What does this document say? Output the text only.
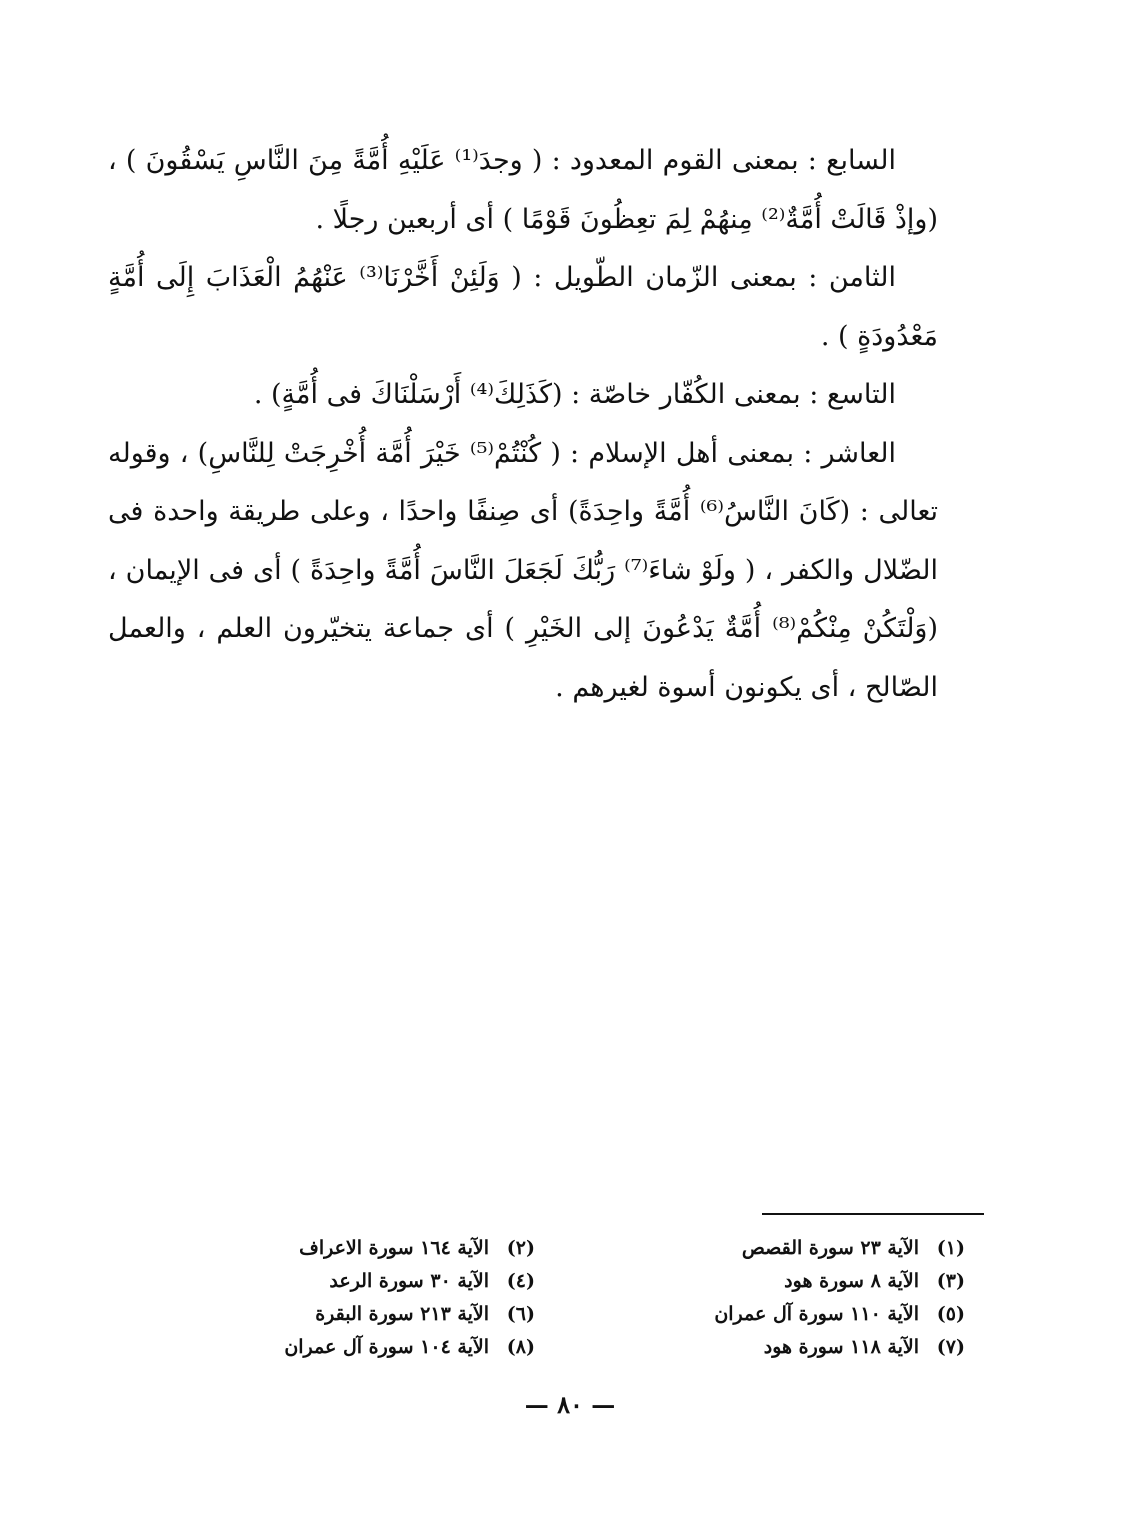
السابع : بمعنى القوم المعدود : ( وجدَ⁽¹⁾ عَلَيْهِ أُمَّةً مِنَ النَّاسِ يَسْقُونَ ) ، (وإذْ قَالَتْ أُمَّةٌ⁽²⁾ مِنهُمْ لِمَ تعِظُونَ قَوْمًا ) أى أربعين رجلًا .

الثامن : بمعنى الزّمان الطّويل : ( وَلَئِنْ أَخَّرْنَا⁽³⁾ عَنْهُمُ الْعَذَابَ إِلَى أُمَّةٍ مَعْدُودَةٍ ) .

التاسع : بمعنى الكُفّار خاصّة : (كَذَلِكَ⁽⁴⁾ أَرْسَلْنَاكَ فى أُمَّةٍ) .

العاشر : بمعنى أهل الإسلام : ( كُنْتُمْ⁽⁵⁾ خَيْرَ أُمَّة أُخْرِجَتْ لِلنَّاسِ) ، وقوله تعالى : (كَانَ النَّاسُ⁽⁶⁾ أُمَّةً واحِدَةً) أى صِنفًا واحدًا ، وعلى طريقة واحدة فى الضّلال والكفر ، ( ولَوْ شاءَ⁽⁷⁾ رَبُّكَ لَجَعَلَ النَّاسَ أُمَّةً واحِدَةً ) أى فى الإيمان ، (وَلْتَكُنْ مِنْكُمْ⁽⁸⁾ أُمَّةٌ يَدْعُونَ إلى الخَيْرِ ) أى جماعة يتخيّرون العلم ، والعمل الصّالح ، أى يكونون أسوة لغيرهم .

(١)
الآية ٢٣ سورة القصص
(٣)
الآية ٨ سورة هود
(٥)
الآية ١١٠ سورة آل عمران
(٧)
الآية ١١٨ سورة هود
(٢)
الآية ١٦٤ سورة الاعراف
(٤)
الآية ٣٠ سورة الرعد
(٦)
الآية ٢١٣ سورة البقرة
(٨)
الآية ١٠٤ سورة آل عمران
— ٨٠ —
